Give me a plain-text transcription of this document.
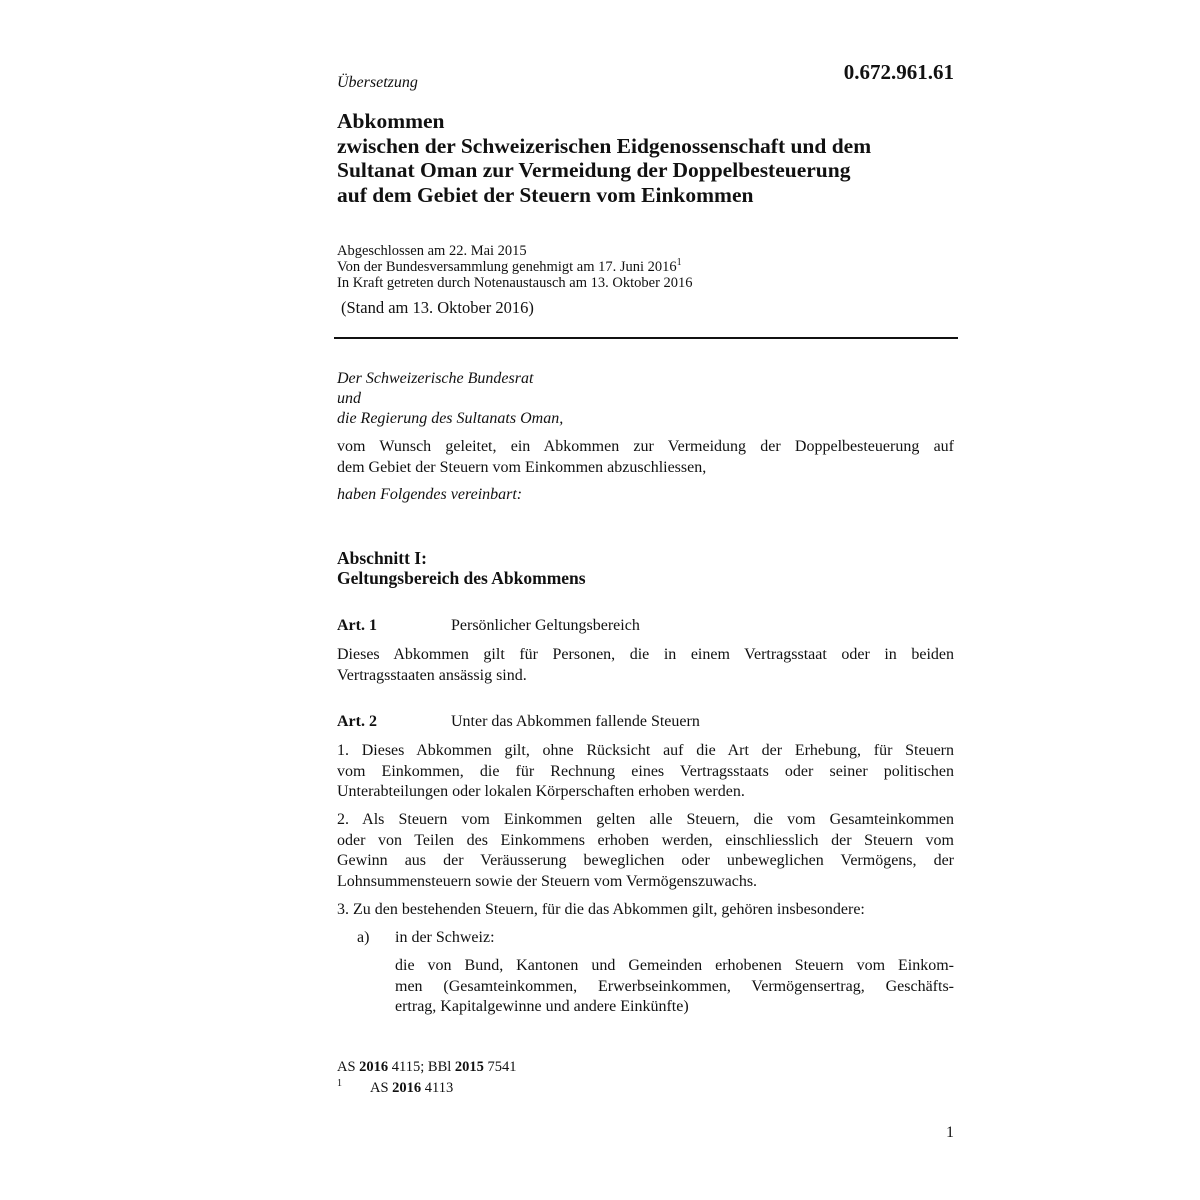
0.672.961.61
Übersetzung
Abkommen
zwischen der Schweizerischen Eidgenossenschaft und dem
Sultanat Oman zur Vermeidung der Doppelbesteuerung
auf dem Gebiet der Steuern vom Einkommen
Abgeschlossen am 22. Mai 2015
Von der Bundesversammlung genehmigt am 17. Juni 2016$^1$
In Kraft getreten durch Notenaustausch am 13. Oktober 2016
(Stand am 13. Oktober 2016)
Der Schweizerische Bundesrat
und
die Regierung des Sultanats Oman,
vom Wunsch geleitet, ein Abkommen zur Vermeidung der Doppelbesteuerung auf
dem Gebiet der Steuern vom Einkommen abzuschliessen,
haben Folgendes vereinbart:
Abschnitt I:
Geltungsbereich des Abkommens
Art. 1	Persönlicher Geltungsbereich
Dieses Abkommen gilt für Personen, die in einem Vertragsstaat oder in beiden
Vertragsstaaten ansässig sind.
Art. 2	Unter das Abkommen fallende Steuern
1. Dieses Abkommen gilt, ohne Rücksicht auf die Art der Erhebung, für Steuern
vom Einkommen, die für Rechnung eines Vertragsstaats oder seiner politischen
Unterabteilungen oder lokalen Körperschaften erhoben werden.
2. Als Steuern vom Einkommen gelten alle Steuern, die vom Gesamteinkommen
oder von Teilen des Einkommens erhoben werden, einschliesslich der Steuern vom
Gewinn aus der Veräusserung beweglichen oder unbeweglichen Vermögens, der
Lohnsummensteuern sowie der Steuern vom Vermögenszuwachs.
3. Zu den bestehenden Steuern, für die das Abkommen gilt, gehören insbesondere:
a) in der Schweiz:
die von Bund, Kantonen und Gemeinden erhobenen Steuern vom Einkom-
men (Gesamteinkommen, Erwerbseinkommen, Vermögensertrag, Geschäfts-
ertrag, Kapitalgewinne und andere Einkünfte)
AS 2016 4115; BBl 2015 7541
$^1$ AS 2016 4113
1
